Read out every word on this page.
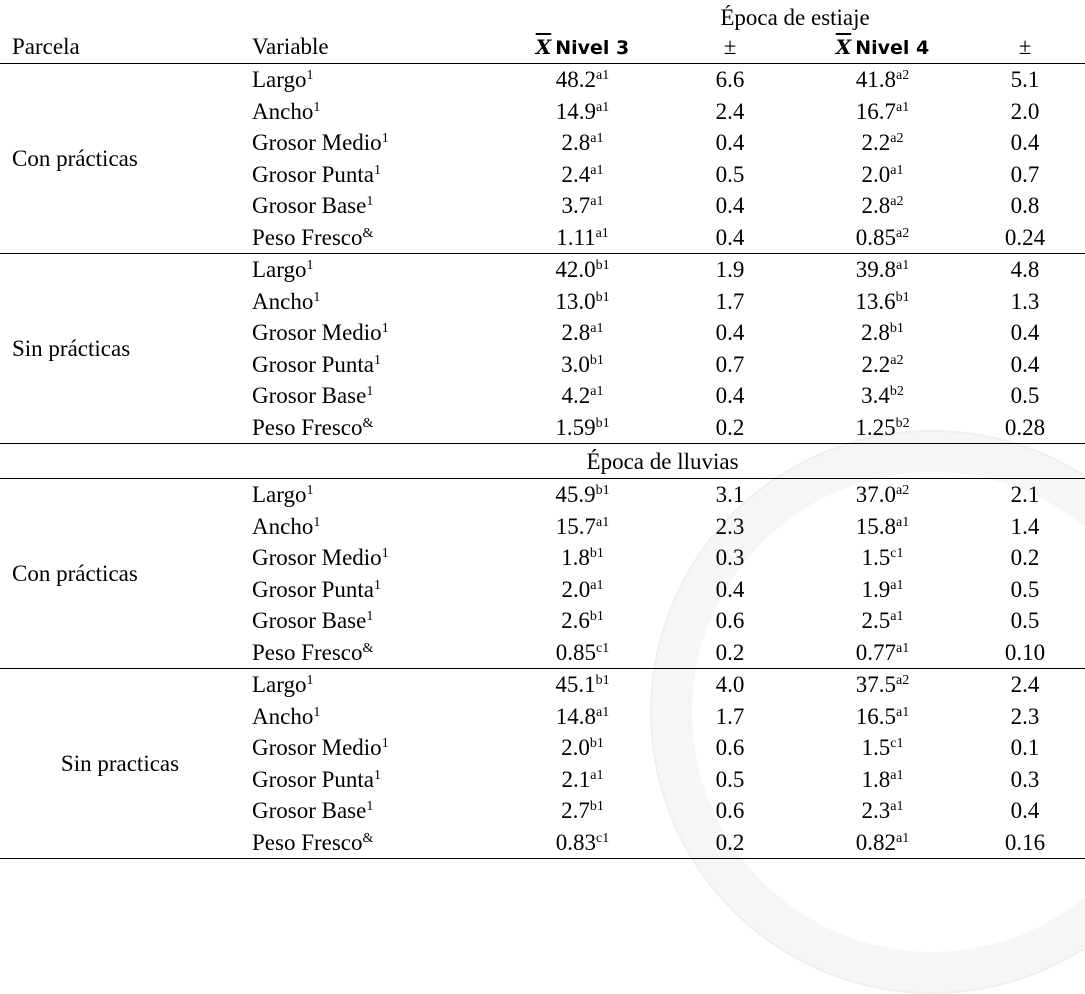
		Época de estiaje			
Parcela	Variable	$\overline{X}$ Nivel 3	±	$\overline{X}$ Nivel 4	±
Con prácticas	Largo$^1$	$48.2^{a1}$	6.6	$41.8^{a2}$	5.1
	Ancho$^1$	$14.9^{a1}$	2.4	$16.7^{a1}$	2.0
	Grosor Medio$^1$	$2.8^{a1}$	0.4	$2.2^{a2}$	0.4
	Grosor Punta$^1$	$2.4^{a1}$	0.5	$2.0^{a1}$	0.7
	Grosor Base$^1$	$3.7^{a1}$	0.4	$2.8^{a2}$	0.8
	Peso Fresco&	$1.11^{a1}$	0.4	$0.85^{a2}$	0.24
Sin prácticas	Largo$^1$	$42.0^{b1}$	1.9	$39.8^{a1}$	4.8
	Ancho$^1$	$13.0^{b1}$	1.7	$13.6^{b1}$	1.3
	Grosor Medio$^1$	$2.8^{a1}$	0.4	$2.8^{b1}$	0.4
	Grosor Punta$^1$	$3.0^{b1}$	0.7	$2.2^{a2}$	0.4
	Grosor Base$^1$	$4.2^{a1}$	0.4	$3.4^{b2}$	0.5
	Peso Fresco&	$1.59^{b1}$	0.2	$1.25^{b2}$	0.28
	Época de lluvias				
Con prácticas	Largo$^1$	$45.9^{b1}$	3.1	$37.0^{a2}$	2.1
	Ancho$^1$	$15.7^{a1}$	2.3	$15.8^{a1}$	1.4
	Grosor Medio$^1$	$1.8^{b1}$	0.3	$1.5^{c1}$	0.2
	Grosor Punta$^1$	$2.0^{a1}$	0.4	$1.9^{a1}$	0.5
	Grosor Base$^1$	$2.6^{b1}$	0.6	$2.5^{a1}$	0.5
	Peso Fresco&	$0.85^{c1}$	0.2	$0.77^{a1}$	0.10
Sin practicas	Largo$^1$	$45.1^{b1}$	4.0	$37.5^{a2}$	2.4
	Ancho$^1$	$14.8^{a1}$	1.7	$16.5^{a1}$	2.3
	Grosor Medio$^1$	$2.0^{b1}$	0.6	$1.5^{c1}$	0.1
	Grosor Punta$^1$	$2.1^{a1}$	0.5	$1.8^{a1}$	0.3
	Grosor Base$^1$	$2.7^{b1}$	0.6	$2.3^{a1}$	0.4
	Peso Fresco&	$0.83^{c1}$	0.2	$0.82^{a1}$	0.16
